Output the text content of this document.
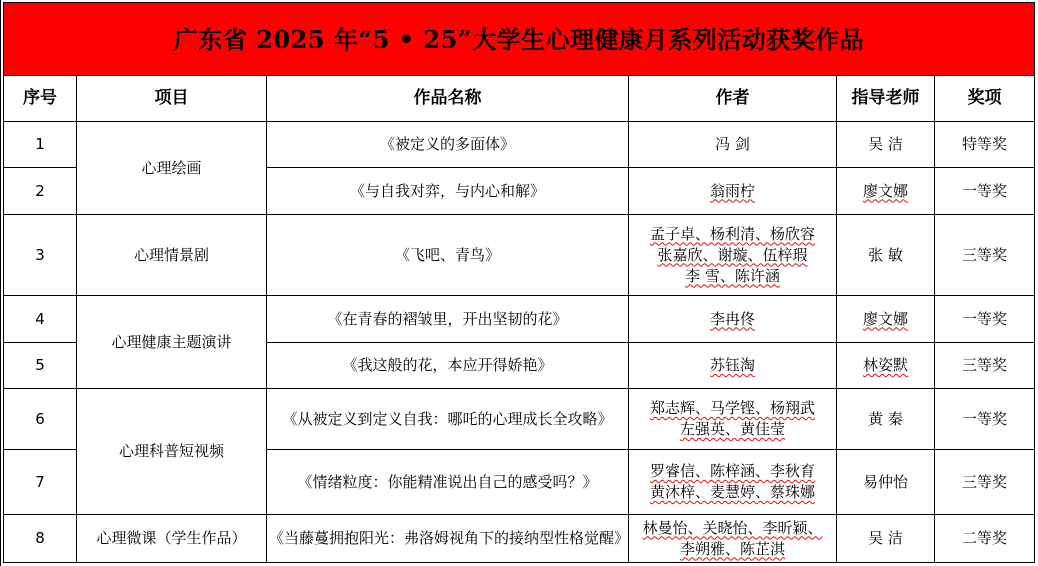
广东省 2025 年“5 • 25”大学生心理健康月系列活动获奖作品					
序号	项目	作品名称	作者	指导老师	奖项
1	心理绘画	《被定义的多面体》	冯 剑	吴 洁	特等奖
2		《与自我对弈，与内心和解》	翁雨柠	廖文娜	一等奖
3	心理情景剧	《飞吧、青鸟》	孟子卓、杨利清、杨欣容
张嘉欣、谢璇、伍梓瑕
李 雪、陈许涵	张 敏	三等奖
4	心理健康主题演讲	《在青春的褶皱里，开出坚韧的花》	李冉佟	廖文娜	一等奖
5		《我这般的花，本应开得娇艳》	苏钰淘	林姿默	三等奖
6	心理科普短视频	《从被定义到定义自我：哪吒的心理成长全攻略》	郑志辉、马学铿、杨翔武
左强英、黄佳莹	黄 秦	一等奖
7		《情绪粒度：你能精准说出自己的感受吗？》	罗睿信、陈梓涵、李秋育
黄沐梓、麦慧婷、蔡珠娜	易仲怡	三等奖
8	心理微课（学生作品）	《当藤蔓拥抱阳光：弗洛姆视角下的接纳型性格觉醒》	林曼怡、关晓怡、李昕颖、
李朔雅、陈芷淇	吴 洁	二等奖
